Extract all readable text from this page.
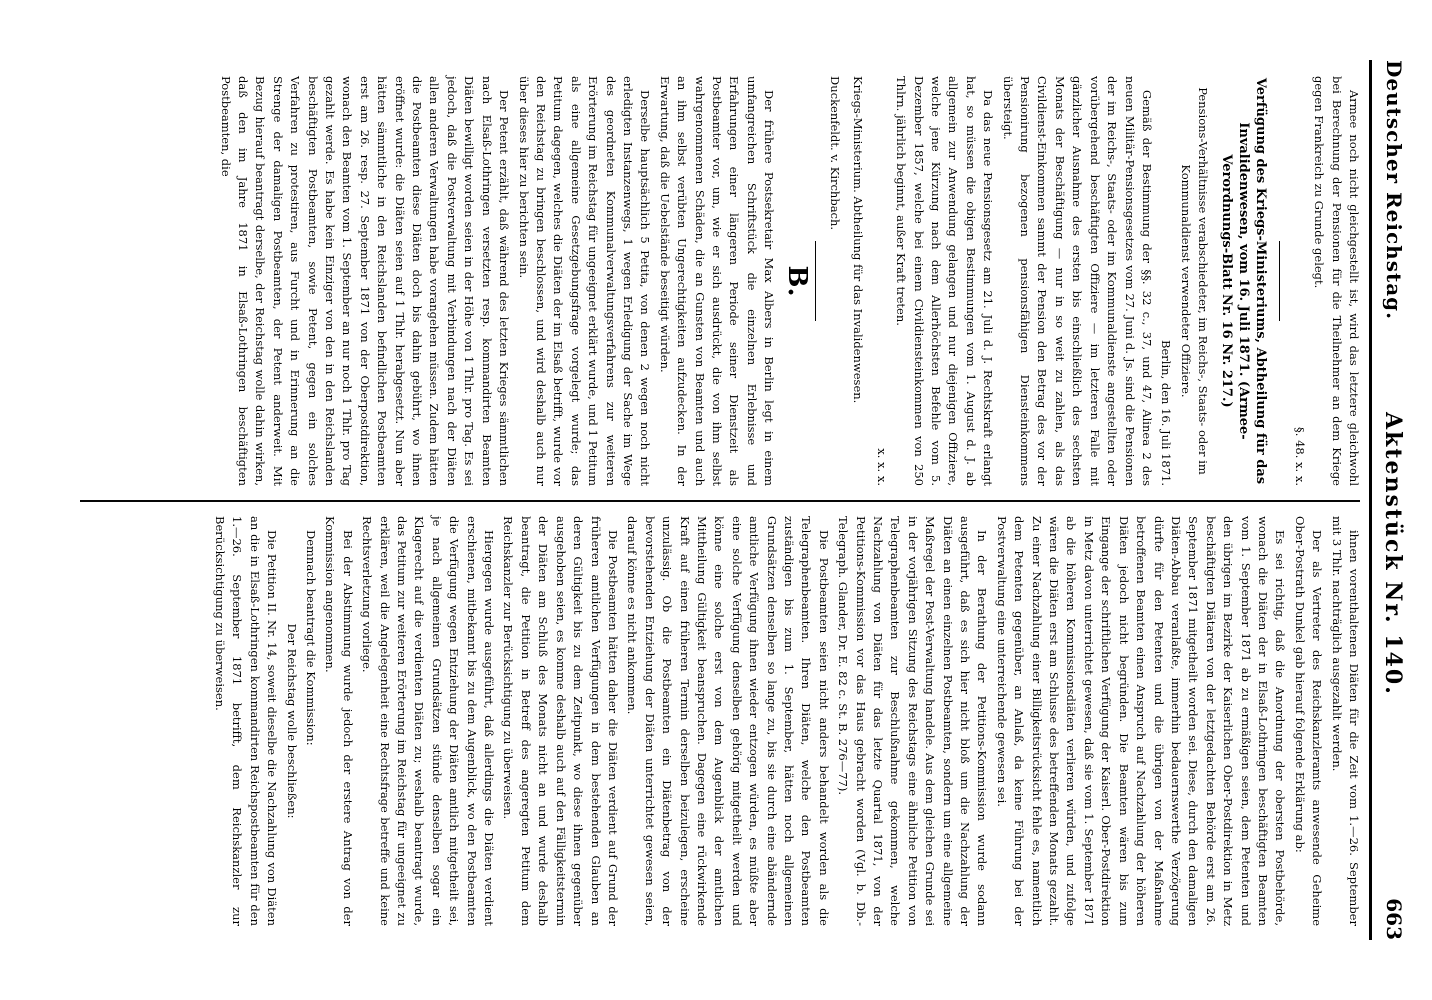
Deutscher Reichstag.
Aktenstück Nr. 140.
663

Armee noch nicht gleichgestellt ist, wird das letztere gleichwohl bei Berechnung der Pensionen für die Theilnehmer an dem Kriege gegen Frankreich zu Grunde gelegt.

§. 48. x. x.

Verfügung des Kriegs-Ministeriums, Abtheilung für das Invalidenwesen, vom 16. Juli 1871. (Armee-Verordnungs-Blatt Nr. 16 Nr. 217.)

Pensions-Verhältnisse verabschiedeter, im Reichs-, Staats- oder im Kommunaldienst verwendeter Offiziere.

Berlin, den 16. Juli 1871.

Gemäß der Bestimmung der §§. 32 c., 37, und 47, Alinea 2 des neuen Militär-Pensionsgesetzes vom 27. Juni d. Js. sind die Pensionen der im Reichs-, Staats- oder im Kommunaldienste angestellten oder vorübergehend beschäftigten Offiziere — im letzteren Falle mit gänzlicher Ausnahme des ersten bis einschließlich des sechsten Monats der Beschäftigung — nur in so weit zu zahlen, als das Civildienst-Einkommen sammt der Pension den Betrag des vor der Pensionirung bezogenen pensionsfähigen Diensteinkommens übersteigt.

Da das neue Pensionsgesetz am 21. Juli d. J. Rechtskraft erlangt hat, so müssen die obigen Bestimmungen vom 1. August d. J. ab allgemein zur Anwendung gelangen und nur diejenigen Offiziere, welche jene Kürzung nach dem Allerhöchsten Befehle vom 5. Dezember 1857, welche bei einem Civildiensteinkommen von 250 Thlrn. jährlich beginnt, außer Kraft treten.

x. x. x.

Kriegs-Ministerium. Abtheilung für das Invalidenwesen.
Duckenfeldt. v. Kirchbach.

B.

Der frühere Postsekretair Max Albers in Berlin legt in einem umfangreichen Schriftstück die einzelnen Erlebnisse und Erfahrungen einer längeren Periode seiner Dienstzeit als Postbeamter vor, um, wie er sich ausdrückt, die von ihm selbst wahrgenommenen Schäden, die an Gunsten von Beamten und auch an ihm selbst verübten Ungerechtigkeiten aufzudecken. In der Erwartung, daß die Uebelstände beseitigt würden.

Derselbe hauptsächlich 5 Petita, von denen 2 wegen noch nicht erledigten Instanzenwegs, 1 wegen Erledigung der Sache im Wege des geordneten Kommunalverwaltungsverfahrens zur weiteren Erörterung im Reichstag für ungeeignet erklärt wurde, und 1 Petitum als eine allgemeine Gesetzgebungsfrage vorgelegt wurde; das Petitum dagegen, welches die Diäten der im Elsaß betrifft, wurde vor den Reichstag zu bringen beschlossen, und wird deshalb auch nur über dieses hier zu berichten sein.

Der Petent erzählt, daß während des letzten Krieges sämmtlichen nach Elsaß-Lothringen versetzten resp. kommandirten Beamten Diäten bewilligt worden seien in der Höhe von 1 Thlr. pro Tag. Es sei jedoch, daß die Postverwaltung mit Verbindungen nach der Diäten allen anderen Verwaltungen habe vorangehen müssen. Zudem hätten die Postbeamten diese Diäten doch bis dahin gebührt, wo ihnen eröffnet wurde: die Diäten seien auf 1 Thlr. herabgesetzt. Nun aber hätten sämmtliche in den Reichslanden befindlichen Postbeamten erst am 26. resp. 27. September 1871 von der Oberpostdirektion, wonach den Beamten vom 1. September an nur noch 1 Thlr. pro Tag gezahlt werde. Es habe kein Einziger von den in den Reichslanden beschäftigten Postbeamten, sowie Petent, gegen ein solches Verfahren zu protestiren, aus Furcht und in Erinnerung an die Strenge der damaligen Postbeamten, der Petent anderweit. Mit Bezug hierauf beantragt derselbe, der Reichstag wolle dahin wirken, daß den im Jahre 1871 in Elsaß-Lothringen beschäftigten Postbeamten, die

ihnen vorenthaltenen Diäten für die Zeit vom 1.—26. September mit 3 Thlr. nachträglich ausgezahlt werden.

Der als Vertreter des Reichskanzleramts anwesende Geheime Ober-Postrath Dunkel gab hierauf folgende Erklärung ab:

Es sei richtig, daß die Anordnung der obersten Postbehörde, wonach die Diäten der in Elsaß-Lothringen beschäftigten Beamten vom 1. September 1871 ab zu ermäßigen seien, dem Petenten und den übrigen im Bezirke der Kaiserlichen Ober-Postdirektion in Metz beschäftigten Diätaren von der letztgedachten Behörde erst am 26. September 1871 mitgetheilt worden sei. Diese, durch den damaligen Diäten-Abbau veranlaßte, immerhin bedauernswerthe Verzögerung dürfte für den Petenten und die übrigen von der Maßnahme betroffenen Beamten einen Anspruch auf Nachzahlung der höheren Diäten jedoch nicht begründen. Die Beamten wären bis zum Eingange der schriftlichen Verfügung der Kaiserl. Ober-Postdirektion in Metz davon unterrichtet gewesen, daß sie vom 1. September 1871 ab die höheren Kommissionsdiäten verlieren würden, und zufolge wären die Diäten erst am Schlusse des betreffenden Monats gezahlt. Zu einer Nachzahlung einer Billigkeitsrücksicht fehle es, namentlich dem Petenten gegenüber, an Anlaß, da keine Führung bei der Postverwaltung eine unterreichende gewesen sei.

In der Berathung der Petitions-Kommission wurde sodann ausgeführt, daß es sich hier nicht bloß um die Nachzahlung der Diäten an einen einzelnen Postbeamten, sondern um eine allgemeine Maßregel der Post-Verwaltung handele. Aus dem gleichen Grunde sei in der vorjährigen Sitzung des Reichstags eine ähnliche Petition von Telegraphenbeamten zur Beschlußnahme gekommen, welche Nachzahlung von Diäten für das letzte Quartal 1871, von der Petitions-Kommission vor das Haus gebracht worden (Vgl. b. Db.-Telegraph. Glander, Dr. E. 82 c. St. B. 276—77).

Die Postbeamten seien nicht anders behandelt worden als die Telegraphenbeamten. Ihren Diäten, welche den Postbeamten zuständigen bis zum 1. September, hätten noch allgemeinen Grundsätzen denselben so lange zu, bis sie durch eine abändernde amtliche Verfügung ihnen wieder entzogen würden, es müßte aber eine solche Verfügung denselben gehörig mitgetheilt werden und könne eine solche erst von dem Augenblick der amtlichen Mittheilung Gültigkeit beanspruchen. Dagegen eine rückwirkende Kraft auf einen früheren Termin derselben beizulegen, erscheine unzulässig. Ob die Postbeamten ein Diätenbetrag von der bevorstehenden Entziehung der Diäten unterrichtet gewesen seien, darauf könne es nicht ankommen.

Die Postbeamten hätten daher die Diäten verdient auf Grund der früheren amtlichen Verfügungen in dem bestehenden Glauben an deren Gültigkeit bis zu dem Zeitpunkt, wo diese ihnen gegenüber ausgehoben seien, es komme deshalb auch auf den Fälligkeitstermin der Diäten am Schluß des Monats nicht an und wurde deshalb beantragt, die Petition in Betreff des angeregten Petitum dem Reichskanzler zur Berücksichtigung zu überweisen.

Hiergegen wurde ausgeführt, daß allerdings die Diäten verdient erschienen, mitbekannt bis zu dem Augenblick, wo den Postbeamten die Verfügung wegen Entziehung der Diäten amtlich mitgetheilt sei, je nach allgemeinen Grundsätzen stünde denselben sogar ein Klagerecht auf die verdienten Diäten zu; weshalb beantragt wurde, das Petitum zur weiteren Erörterung im Reichstag für ungeeignet zu erklären, weil die Angelegenheit eine Rechtsfrage betreffe und keine Rechtsverletzung vorliege.

Bei der Abstimmung wurde jedoch der erstere Antrag von der Kommission angenommen.

Demnach beantragt die Kommission:

Der Reichstag wolle beschließen:

Die Petition II. Nr. 14, soweit dieselbe die Nachzahlung von Diäten an die in Elsaß-Lothringen kommandirten Reichspostbeamten für den 1.—26. September 1871 betrifft, dem Reichskanzler zur Berücksichtigung zu überweisen.
